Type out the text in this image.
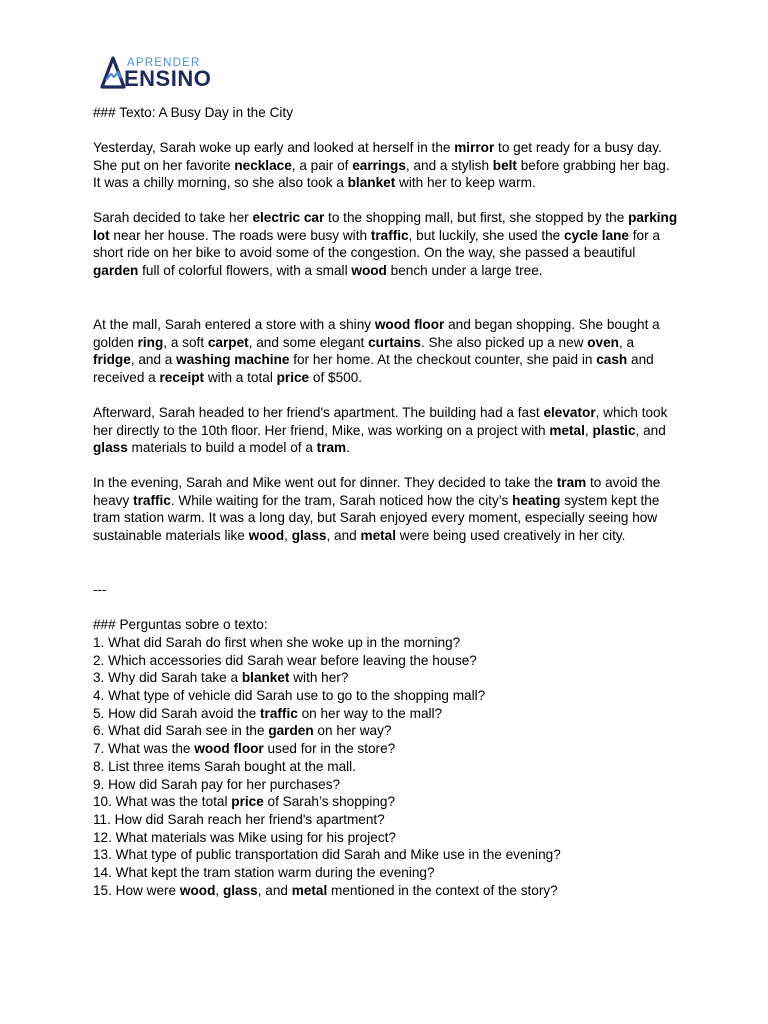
APRENDER
ENSINO
### Texto: A Busy Day in the City

Yesterday, Sarah woke up early and looked at herself in the mirror to get ready for a busy day. She put on her favorite necklace, a pair of earrings, and a stylish belt before grabbing her bag. It was a chilly morning, so she also took a blanket with her to keep warm.

Sarah decided to take her electric car to the shopping mall, but first, she stopped by the parking lot near her house. The roads were busy with traffic, but luckily, she used the cycle lane for a short ride on her bike to avoid some of the congestion. On the way, she passed a beautiful garden full of colorful flowers, with a small wood bench under a large tree.

At the mall, Sarah entered a store with a shiny wood floor and began shopping. She bought a golden ring, a soft carpet, and some elegant curtains. She also picked up a new oven, a fridge, and a washing machine for her home. At the checkout counter, she paid in cash and received a receipt with a total price of $500.

Afterward, Sarah headed to her friend's apartment. The building had a fast elevator, which took her directly to the 10th floor. Her friend, Mike, was working on a project with metal, plastic, and glass materials to build a model of a tram.

In the evening, Sarah and Mike went out for dinner. They decided to take the tram to avoid the heavy traffic. While waiting for the tram, Sarah noticed how the city’s heating system kept the tram station warm. It was a long day, but Sarah enjoyed every moment, especially seeing how sustainable materials like wood, glass, and metal were being used creatively in her city.

---
### Perguntas sobre o texto:
1. What did Sarah do first when she woke up in the morning?
2. Which accessories did Sarah wear before leaving the house?
3. Why did Sarah take a blanket with her?
4. What type of vehicle did Sarah use to go to the shopping mall?
5. How did Sarah avoid the traffic on her way to the mall?
6. What did Sarah see in the garden on her way?
7. What was the wood floor used for in the store?
8. List three items Sarah bought at the mall.
9. How did Sarah pay for her purchases?
10. What was the total price of Sarah’s shopping?
11. How did Sarah reach her friend's apartment?
12. What materials was Mike using for his project?
13. What type of public transportation did Sarah and Mike use in the evening?
14. What kept the tram station warm during the evening?
15. How were wood, glass, and metal mentioned in the context of the story?
